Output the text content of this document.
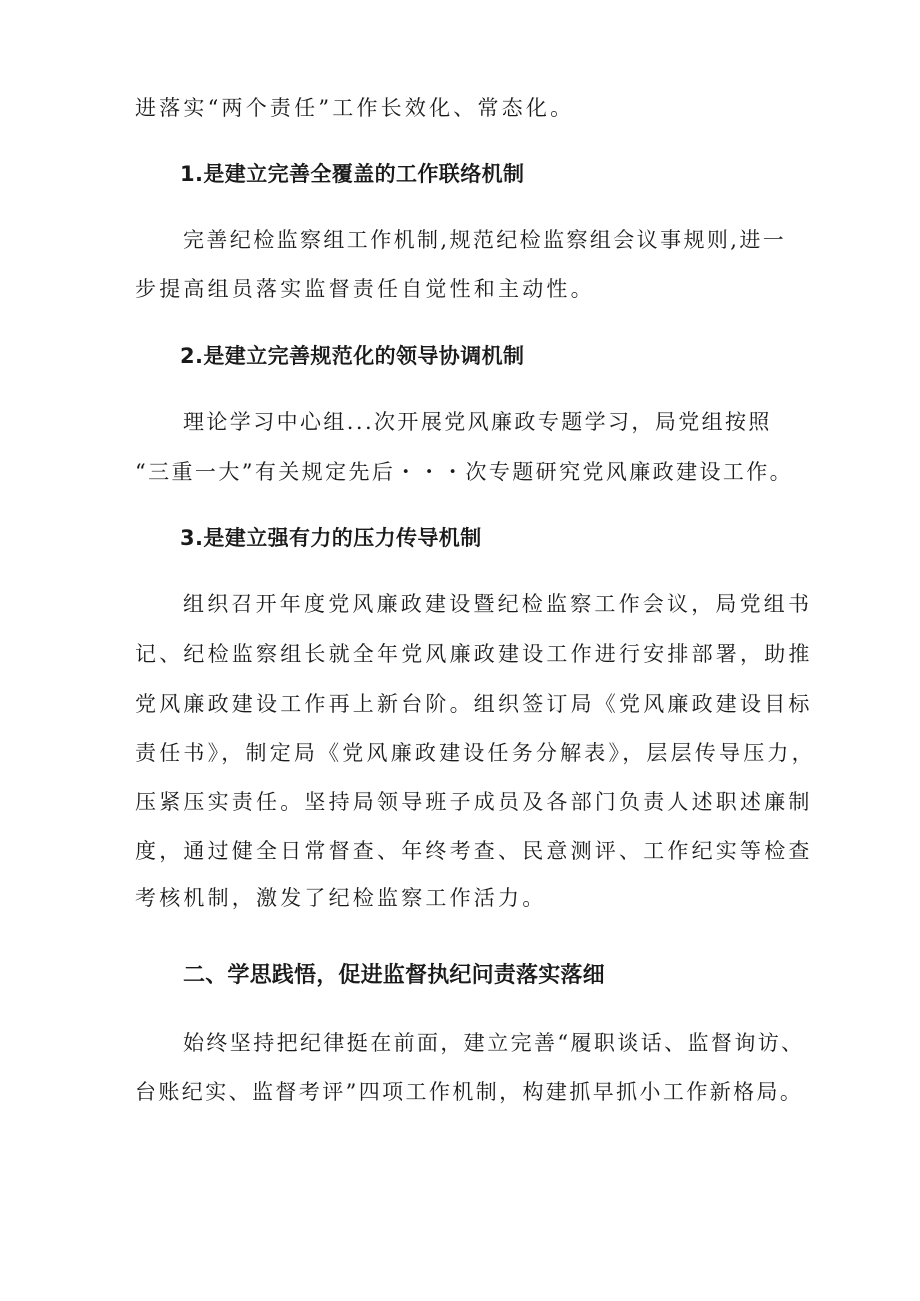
进落实“两个责任”工作长效化、常态化。

1.是建立完善全覆盖的工作联络机制

完善纪检监察组工作机制,规范纪检监察组会议事规则,进一

步提高组员落实监督责任自觉性和主动性。

2.是建立完善规范化的领导协调机制

理论学习中心组...次开展党风廉政专题学习，局党组按照

“三重一大”有关规定先后・・・次专题研究党风廉政建设工作。

3.是建立强有力的压力传导机制

组织召开年度党风廉政建设暨纪检监察工作会议，局党组书

记、纪检监察组长就全年党风廉政建设工作进行安排部署，助推

党风廉政建设工作再上新台阶。组织签订局《党风廉政建设目标

责任书》，制定局《党风廉政建设任务分解表》，层层传导压力，

压紧压实责任。坚持局领导班子成员及各部门负责人述职述廉制

度，通过健全日常督查、年终考查、民意测评、工作纪实等检查

考核机制，激发了纪检监察工作活力。

二、学思践悟，促进监督执纪问责落实落细

始终坚持把纪律挺在前面，建立完善“履职谈话、监督询访、

台账纪实、监督考评”四项工作机制，构建抓早抓小工作新格局。
